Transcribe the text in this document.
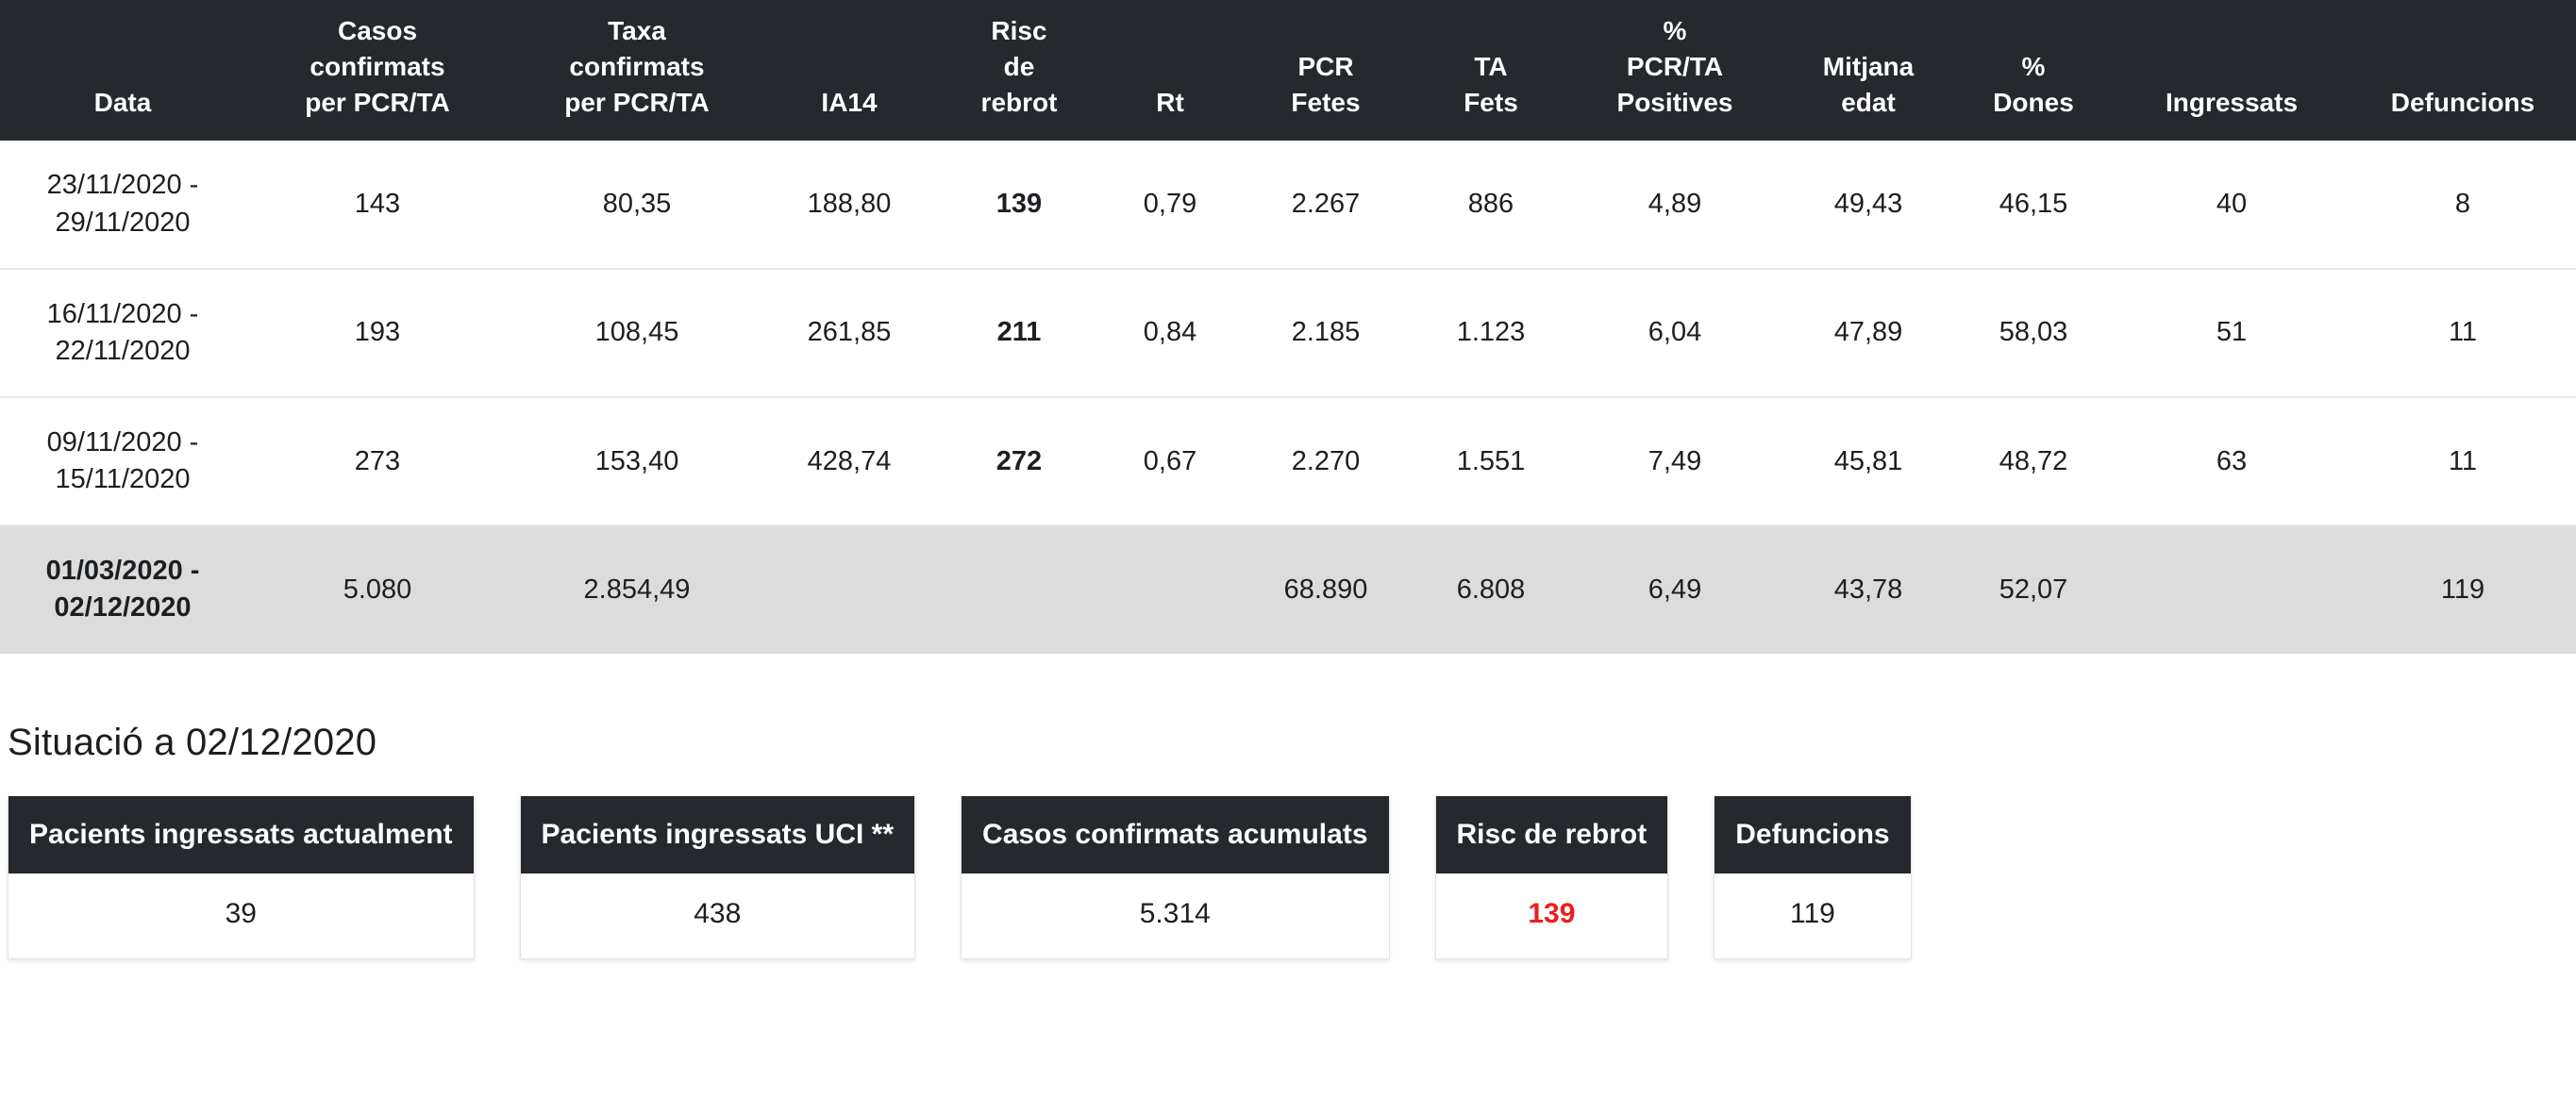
Data	Casos
confirmats
per PCR/TA	Taxa
confirmats
per PCR/TA	IA14	Risc
de
rebrot	Rt	PCR
Fetes	TA
Fets	%
PCR/TA
Positives	Mitjana
edat	%
Dones	Ingressats	Defuncions

23/11/2020 -
29/11/2020	143	80,35	188,80	139	0,79	2.267	886	4,89	49,43	46,15	40	8

16/11/2020 -
22/11/2020	193	108,45	261,85	211	0,84	2.185	1.123	6,04	47,89	58,03	51	11

09/11/2020 -
15/11/2020	273	153,40	428,74	272	0,67	2.270	1.551	7,49	45,81	48,72	63	11

01/03/2020 -
02/12/2020	5.080	2.854,49				68.890	6.808	6,49	43,78	52,07		119
Situació a 02/12/2020
Pacients ingressats actualment
39
Pacients ingressats UCI **
438
Casos confirmats acumulats
5.314
Risc de rebrot
139
Defuncions
119
